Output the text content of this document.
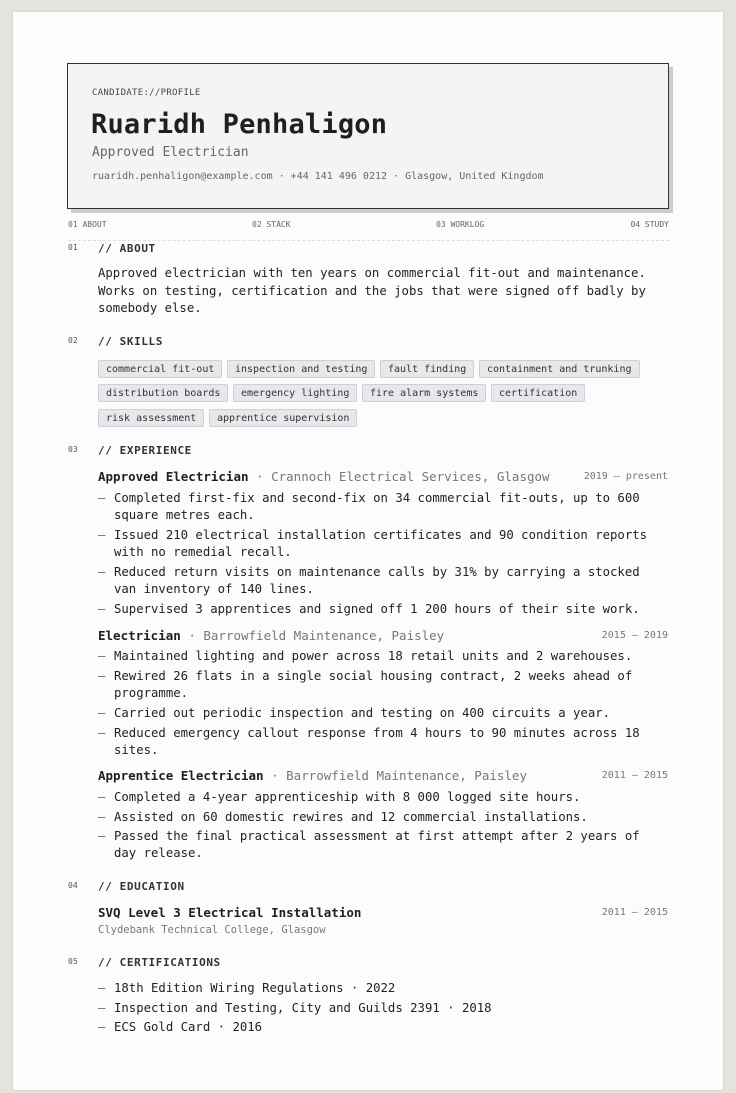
CANDIDATE://PROFILE
Ruaridh Penhaligon
Approved Electrician
ruaridh.penhaligon@example.com · +44 141 496 0212 · Glasgow, United Kingdom
01 ABOUT	02 STACK	03 WORKLOG	04 STUDY
01 // ABOUT
Approved electrician with ten years on commercial fit-out and maintenance. Works on testing, certification and the jobs that were signed off badly by somebody else.
02 // SKILLS
commercial fit-out	inspection and testing	fault finding	containment and trunking
distribution boards	emergency lighting	fire alarm systems	certification
risk assessment	apprentice supervision
03 // EXPERIENCE
Approved Electrician · Crannoch Electrical Services, Glasgow	2019 – present
– Completed first-fix and second-fix on 34 commercial fit-outs, up to 600 square metres each.
– Issued 210 electrical installation certificates and 90 condition reports with no remedial recall.
– Reduced return visits on maintenance calls by 31% by carrying a stocked van inventory of 140 lines.
– Supervised 3 apprentices and signed off 1 200 hours of their site work.
Electrician · Barrowfield Maintenance, Paisley	2015 – 2019
– Maintained lighting and power across 18 retail units and 2 warehouses.
– Rewired 26 flats in a single social housing contract, 2 weeks ahead of programme.
– Carried out periodic inspection and testing on 400 circuits a year.
– Reduced emergency callout response from 4 hours to 90 minutes across 18 sites.
Apprentice Electrician · Barrowfield Maintenance, Paisley	2011 – 2015
– Completed a 4-year apprenticeship with 8 000 logged site hours.
– Assisted on 60 domestic rewires and 12 commercial installations.
– Passed the final practical assessment at first attempt after 2 years of day release.
04 // EDUCATION
SVQ Level 3 Electrical Installation	2011 – 2015
Clydebank Technical College, Glasgow
05 // CERTIFICATIONS
– 18th Edition Wiring Regulations · 2022
– Inspection and Testing, City and Guilds 2391 · 2018
– ECS Gold Card · 2016
